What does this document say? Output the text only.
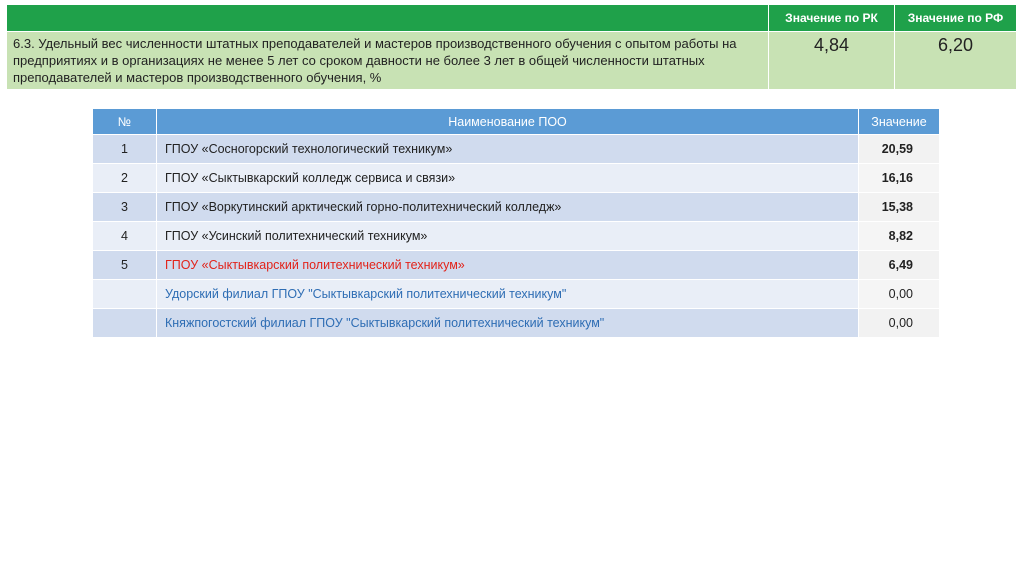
	Значение по РК	Значение по РФ
6.3. Удельный вес численности штатных преподавателей и мастеров производственного обучения с опытом работы на предприятиях и в организациях не менее 5 лет со сроком давности не более 3 лет в общей численности штатных преподавателей и мастеров производственного обучения, %	4,84	6,20
№	Наименование ПОО	Значение
1	ГПОУ «Сосногорский технологический техникум»	20,59
2	ГПОУ «Сыктывкарский колледж сервиса и связи»	16,16
3	ГПОУ «Воркутинский арктический горно-политехнический колледж»	15,38
4	ГПОУ «Усинский политехнический техникум»	8,82
5	ГПОУ «Сыктывкарский политехнический техникум»	6,49
	Удорский филиал ГПОУ "Сыктывкарский политехнический техникум"	0,00
	Княжпогостский филиал ГПОУ "Сыктывкарский политехнический техникум"	0,00
